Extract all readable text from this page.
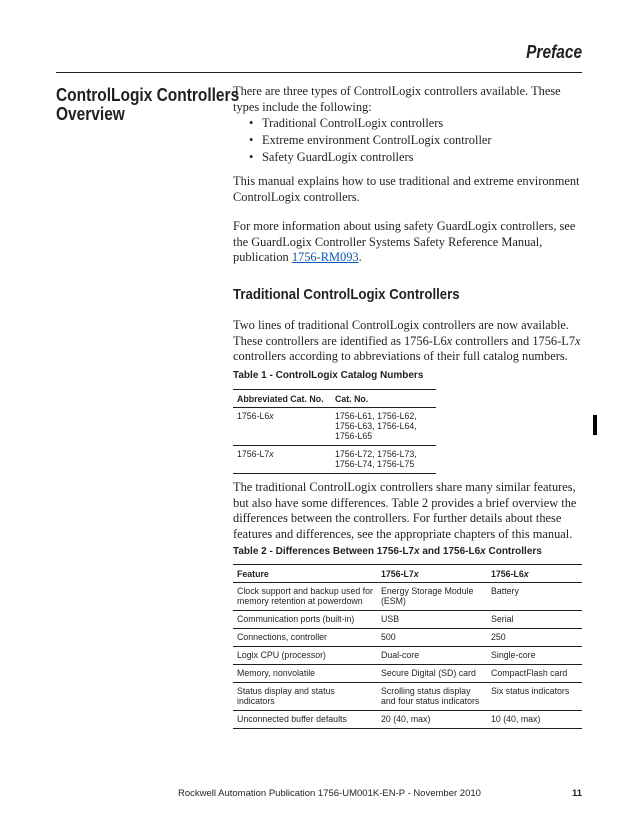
Preface
ControlLogix Controllers
Overview

There are three types of ControlLogix controllers available. These types include the following:

• Traditional ControlLogix controllers
• Extreme environment ControlLogix controller
• Safety GuardLogix controllers

This manual explains how to use traditional and extreme environment ControlLogix controllers.

For more information about using safety GuardLogix controllers, see the GuardLogix Controller Systems Safety Reference Manual, publication 1756-RM093.

Traditional ControlLogix Controllers

Two lines of traditional ControlLogix controllers are now available. These controllers are identified as 1756-L6x controllers and 1756-L7x controllers according to abbreviations of their full catalog numbers.

Table 1 - ControlLogix Catalog Numbers
Abbreviated Cat. No.	Cat. No.
1756-L6x	1756-L61, 1756-L62, 1756-L63, 1756-L64, 1756-L65
1756-L7x	1756-L72, 1756-L73, 1756-L74, 1756-L75

The traditional ControlLogix controllers share many similar features, but also have some differences. Table 2 provides a brief overview the differences between the controllers. For further details about these features and differences, see the appropriate chapters of this manual.

Table 2 - Differences Between 1756-L7x and 1756-L6x Controllers
Feature	1756-L7x	1756-L6x
Clock support and backup used for memory retention at powerdown	Energy Storage Module (ESM)	Battery
Communication ports (built-in)	USB	Serial
Connections, controller	500	250
Logix CPU (processor)	Dual-core	Single-core
Memory, nonvolatile	Secure Digital (SD) card	CompactFlash card
Status display and status indicators	Scrolling status display and four status indicators	Six status indicators
Unconnected buffer defaults	20 (40, max)	10 (40, max)
Rockwell Automation Publication 1756-UM001K-EN-P - November 2010	11
